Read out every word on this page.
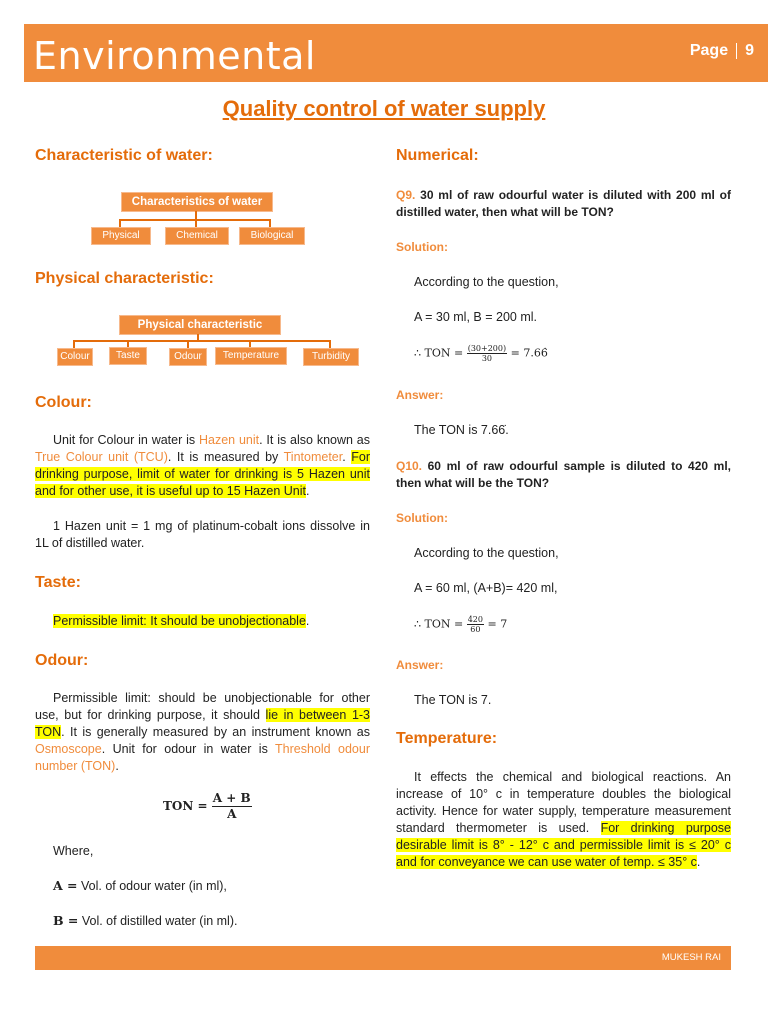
Environmental	Page 9
Quality control of water supply
Characteristic of water:
Characteristics of water
Physical	Chemical	Biological
Physical characteristic:
Physical characteristic
Colour	Taste	Odour	Temperature	Turbidity
Colour:
Unit for Colour in water is Hazen unit. It is also known as True Colour unit (TCU). It is measured by Tintometer. For drinking purpose, limit of water for drinking is 5 Hazen unit and for other use, it is useful up to 15 Hazen Unit.
1 Hazen unit = 1 mg of platinum-cobalt ions dissolve in 1L of distilled water.
Taste:
Permissible limit: It should be unobjectionable.
Odour:
Permissible limit: should be unobjectionable for other use, but for drinking purpose, it should lie in between 1-3 TON. It is generally measured by an instrument known as Osmoscope. Unit for odour in water is Threshold odour number (TON).
TON = $\frac{A + B}{A}$
Where,
A = Vol. of odour water (in ml),
B = Vol. of distilled water (in ml).
Numerical:
Q9. 30 ml of raw odourful water is diluted with 200 ml of distilled water, then what will be TON?
Solution:
According to the question,
A = 30 ml, B = 200 ml.
∴ TON = $\frac{(30+200)}{30}$ = 7.66̇
Answer:
The TON is 7.66̇.
Q10. 60 ml of raw odourful sample is diluted to 420 ml, then what will be the TON?
Solution:
According to the question,
A = 60 ml, (A+B)= 420 ml,
∴ TON = $\frac{420}{60} = 7$
Answer:
The TON is 7.
Temperature:
It effects the chemical and biological reactions. An increase of 10° c in temperature doubles the biological activity. Hence for water supply, temperature measurement standard thermometer is used. For drinking purpose desirable limit is 8° - 12° c and permissible limit is ≤ 20° c and for conveyance we can use water of temp. ≤ 35° c.
MUKESH RAI
